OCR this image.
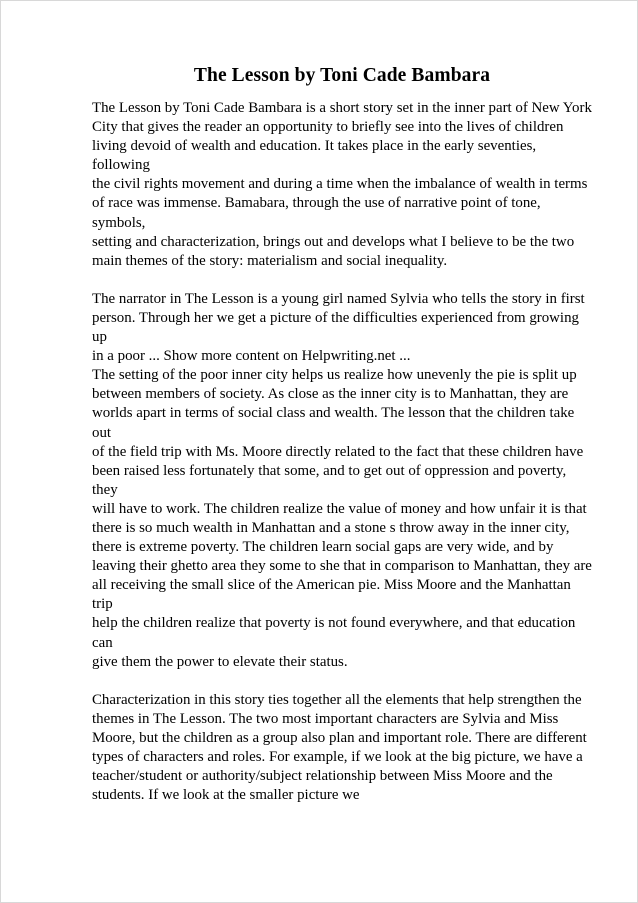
The Lesson by Toni Cade Bambara

The Lesson by Toni Cade Bambara is a short story set in the inner part of New York
City that gives the reader an opportunity to briefly see into the lives of children
living devoid of wealth and education. It takes place in the early seventies, following
the civil rights movement and during a time when the imbalance of wealth in terms
of race was immense. Bamabara, through the use of narrative point of tone, symbols,
setting and characterization, brings out and develops what I believe to be the two
main themes of the story: materialism and social inequality.

The narrator in The Lesson is a young girl named Sylvia who tells the story in first
person. Through her we get a picture of the difficulties experienced from growing up
in a poor ... Show more content on Helpwriting.net ...

The setting of the poor inner city helps us realize how unevenly the pie is split up
between members of society. As close as the inner city is to Manhattan, they are
worlds apart in terms of social class and wealth. The lesson that the children take out
of the field trip with Ms. Moore directly related to the fact that these children have
been raised less fortunately that some, and to get out of oppression and poverty, they
will have to work. The children realize the value of money and how unfair it is that
there is so much wealth in Manhattan and a stone s throw away in the inner city,
there is extreme poverty. The children learn social gaps are very wide, and by
leaving their ghetto area they some to she that in comparison to Manhattan, they are
all receiving the small slice of the American pie. Miss Moore and the Manhattan trip
help the children realize that poverty is not found everywhere, and that education can
give them the power to elevate their status.

Characterization in this story ties together all the elements that help strengthen the
themes in The Lesson. The two most important characters are Sylvia and Miss
Moore, but the children as a group also plan and important role. There are different
types of characters and roles. For example, if we look at the big picture, we have a
teacher/student or authority/subject relationship between Miss Moore and the
students. If we look at the smaller picture we
